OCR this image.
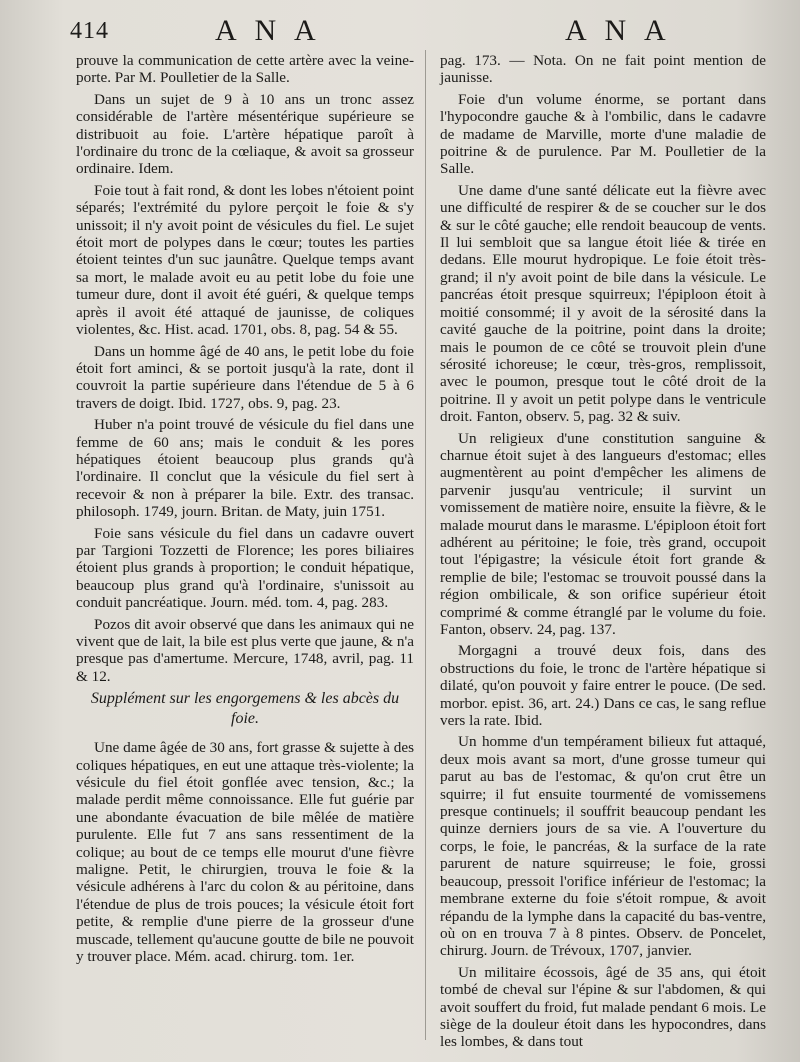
414	A N A	A N A

prouve la communication de cette artère avec la veine-porte. Par M. Poulletier de la Salle.

Dans un sujet de 9 à 10 ans un tronc assez considérable de l'artère mésentérique supérieure se distribuoit au foie. L'artère hépatique paroît à l'ordinaire du tronc de la cœliaque, & avoit sa grosseur ordinaire. Idem.

Foie tout à fait rond, & dont les lobes n'étoient point séparés; l'extrémité du pylore perçoit le foie & s'y unissoit; il n'y avoit point de vésicules du fiel. Le sujet étoit mort de polypes dans le cœur; toutes les parties étoient teintes d'un suc jaunâtre. Quelque temps avant sa mort, le malade avoit eu au petit lobe du foie une tumeur dure, dont il avoit été guéri, & quelque temps après il avoit été attaqué de jaunisse, de coliques violentes, &c. Hist. acad. 1701, obs. 8, pag. 54 & 55.

Dans un homme âgé de 40 ans, le petit lobe du foie étoit fort aminci, & se portoit jusqu'à la rate, dont il couvroit la partie supérieure dans l'étendue de 5 à 6 travers de doigt. Ibid. 1727, obs. 9, pag. 23.

Huber n'a point trouvé de vésicule du fiel dans une femme de 60 ans; mais le conduit & les pores hépatiques étoient beaucoup plus grands qu'à l'ordinaire. Il conclut que la vésicule du fiel sert à recevoir & non à préparer la bile. Extr. des transac. philosoph. 1749, journ. Britan. de Maty, juin 1751.

Foie sans vésicule du fiel dans un cadavre ouvert par Targioni Tozzetti de Florence; les pores biliaires étoient plus grands à proportion; le conduit hépatique, beaucoup plus grand qu'à l'ordinaire, s'unissoit au conduit pancréatique. Journ. méd. tom. 4, pag. 283.

Pozos dit avoir observé que dans les animaux qui ne vivent que de lait, la bile est plus verte que jaune, & n'a presque pas d'amertume. Mercure, 1748, avril, pag. 11 & 12.

Supplément sur les engorgemens & les abcès du foie.

Une dame âgée de 30 ans, fort grasse & sujette à des coliques hépatiques, en eut une attaque très-violente; la vésicule du fiel étoit gonflée avec tension, &c.; la malade perdit même connoissance. Elle fut guérie par une abondante évacuation de bile mêlée de matière purulente. Elle fut 7 ans sans ressentiment de la colique; au bout de ce temps elle mourut d'une fièvre maligne. Petit, le chirurgien, trouva le foie & la vésicule adhérens à l'arc du colon & au péritoine, dans l'étendue de plus de trois pouces; la vésicule étoit fort petite, & remplie d'une pierre de la grosseur d'une muscade, tellement qu'aucune goutte de bile ne pouvoit y trouver place. Mém. acad. chirurg. tom. 1er.

pag. 173. — Nota. On ne fait point mention de jaunisse.

Foie d'un volume énorme, se portant dans l'hypocondre gauche & à l'ombilic, dans le cadavre de madame de Marville, morte d'une maladie de poitrine & de purulence. Par M. Poulletier de la Salle.

Une dame d'une santé délicate eut la fièvre avec une difficulté de respirer & de se coucher sur le dos & sur le côté gauche; elle rendoit beaucoup de vents. Il lui sembloit que sa langue étoit liée & tirée en dedans. Elle mourut hydropique. Le foie étoit très-grand; il n'y avoit point de bile dans la vésicule. Le pancréas étoit presque squirreux; l'épiploon étoit à moitié consommé; il y avoit de la sérosité dans la cavité gauche de la poitrine, point dans la droite; mais le poumon de ce côté se trouvoit plein d'une sérosité ichoreuse; le cœur, très-gros, remplissoit, avec le poumon, presque tout le côté droit de la poitrine. Il y avoit un petit polype dans le ventricule droit. Fanton, observ. 5, pag. 32 & suiv.

Un religieux d'une constitution sanguine & charnue étoit sujet à des langueurs d'estomac; elles augmentèrent au point d'empêcher les alimens de parvenir jusqu'au ventricule; il survint un vomissement de matière noire, ensuite la fièvre, & le malade mourut dans le marasme. L'épiploon étoit fort adhérent au péritoine; le foie, très grand, occupoit tout l'épigastre; la vésicule étoit fort grande & remplie de bile; l'estomac se trouvoit poussé dans la région ombilicale, & son orifice supérieur étoit comprimé & comme étranglé par le volume du foie. Fanton, observ. 24, pag. 137.

Morgagni a trouvé deux fois, dans des obstructions du foie, le tronc de l'artère hépatique si dilaté, qu'on pouvoit y faire entrer le pouce. (De sed. morbor. epist. 36, art. 24.) Dans ce cas, le sang reflue vers la rate. Ibid.

Un homme d'un tempérament bilieux fut attaqué, deux mois avant sa mort, d'une grosse tumeur qui parut au bas de l'estomac, & qu'on crut être un squirre; il fut ensuite tourmenté de vomissemens presque continuels; il souffrit beaucoup pendant les quinze derniers jours de sa vie. A l'ouverture du corps, le foie, le pancréas, & la surface de la rate parurent de nature squirreuse; le foie, grossi beaucoup, pressoit l'orifice inférieur de l'estomac; la membrane externe du foie s'étoit rompue, & avoit répandu de la lymphe dans la capacité du bas-ventre, où on en trouva 7 à 8 pintes. Observ. de Poncelet, chirurg. Journ. de Trévoux, 1707, janvier.

Un militaire écossois, âgé de 35 ans, qui étoit tombé de cheval sur l'épine & sur l'abdomen, & qui avoit souffert du froid, fut malade pendant 6 mois. Le siège de la douleur étoit dans les hypocondres, dans les lombes, & dans tout
